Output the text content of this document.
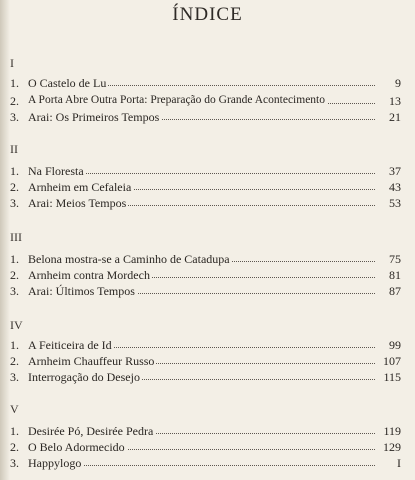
ÍNDICE
I
1. O Castelo de Lu	9
2. A Porta Abre Outra Porta: Preparação do Grande Acontecimento	13
3. Arai: Os Primeiros Tempos	21
II
1. Na Floresta	37
2. Arnheim em Cefaleia	43
3. Arai: Meios Tempos	53
III
1. Belona mostra-se a Caminho de Catadupa	75
2. Arnheim contra Mordech	81
3. Arai: Últimos Tempos	87
IV
1. A Feiticeira de Id	99
2. Arnheim Chauffeur Russo	107
3. Interrogação do Desejo	115
V
1. Desirée Pó, Desirée Pedra	119
2. O Belo Adormecido	129
3. Happylogo	I
